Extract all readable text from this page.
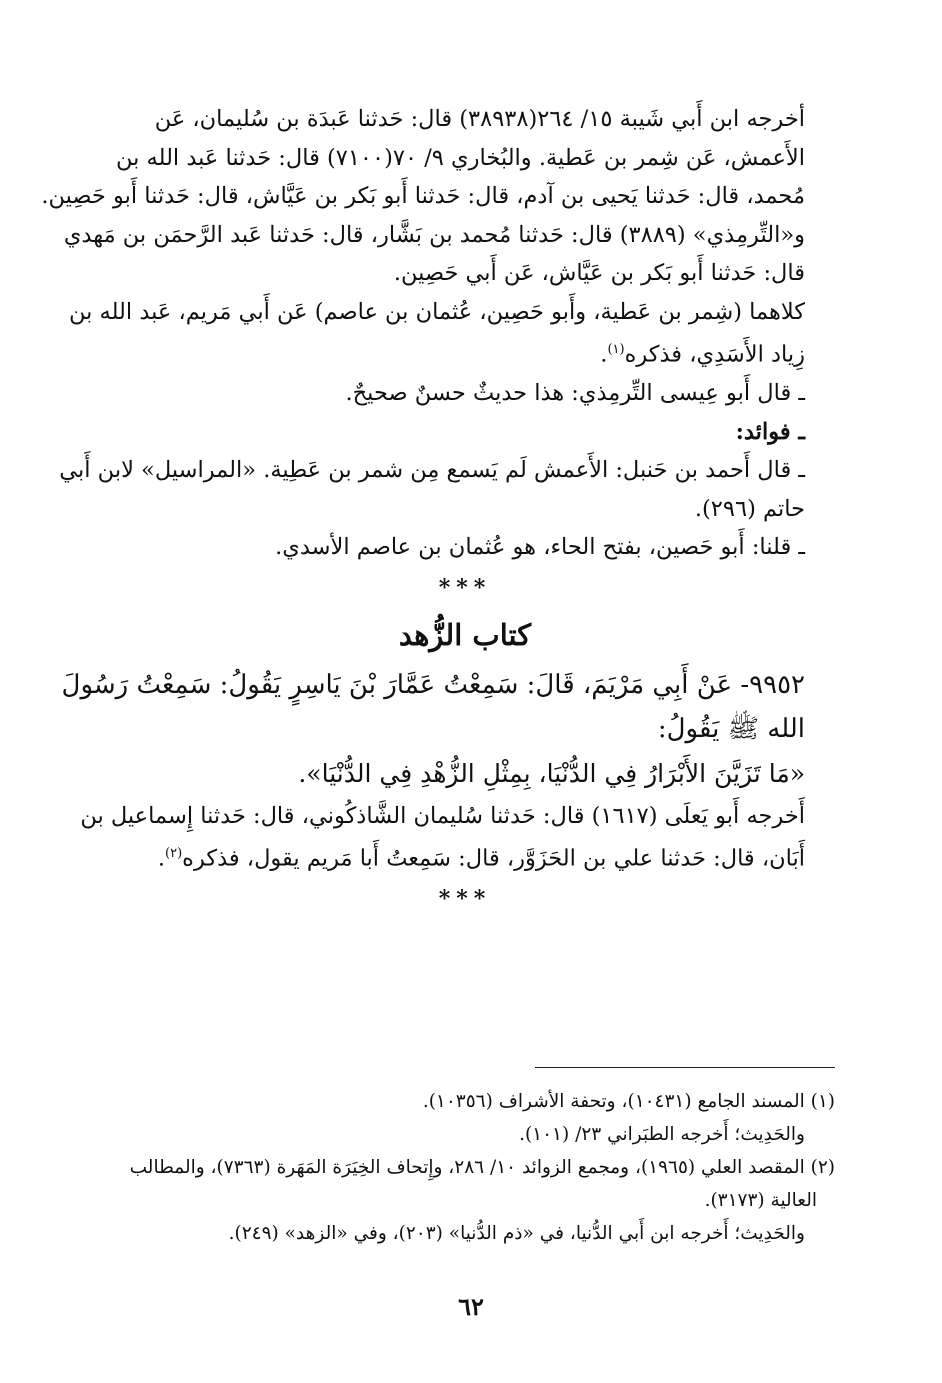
أخرجه ابن أَبي شَيبة ١٥/ ٢٦٤(٣٨٩٣٨) قال: حَدثنا عَبدَة بن سُليمان، عَن
الأَعمش، عَن شِمر بن عَطية. والبُخاري ٩/ ٧٠(٧١٠٠) قال: حَدثنا عَبد الله بن
مُحمد، قال: حَدثنا يَحيى بن آدم، قال: حَدثنا أَبو بَكر بن عَيَّاش، قال: حَدثنا أَبو حَصِين.
و«التِّرمِذي» (٣٨٨٩) قال: حَدثنا مُحمد بن بَشَّار، قال: حَدثنا عَبد الرَّحمَن بن مَهدي
قال: حَدثنا أَبو بَكر بن عَيَّاش، عَن أَبي حَصِين.

كلاهما (شِمر بن عَطية، وأَبو حَصِين، عُثمان بن عاصم) عَن أَبي مَريم، عَبد الله بن
زِياد الأَسَدِي، فذكره$^{(١)}$.

ـ قال أَبو عِيسى التِّرمِذي: هذا حديثٌ حسنٌ صحيحٌ.

ـ فوائد:

ـ قال أَحمد بن حَنبل: الأَعمش لَم يَسمع مِن شمر بن عَطِية. «المراسيل» لابن أَبي
حاتم (٢٩٦).

ـ قلنا: أَبو حَصين، بفتح الحاء، هو عُثمان بن عاصم الأسدي.

***
كتاب الزُّهد

٩٩٥٢- عَنْ أَبِي مَرْيَمَ، قَالَ: سَمِعْتُ عَمَّارَ بْنَ يَاسِرٍ يَقُولُ: سَمِعْتُ رَسُولَ
الله ﷺ يَقُولُ:

«مَا تَزَيَّنَ الأَبْرَارُ فِي الدُّنْيَا، بِمِثْلِ الزُّهْدِ فِي الدُّنْيَا».

أَخرجه أَبو يَعلَى (١٦١٧) قال: حَدثنا سُليمان الشَّاذكُوني، قال: حَدثنا إِسماعيل بن
أَبَان، قال: حَدثنا علي بن الحَزَوَّر، قال: سَمِعتُ أَبا مَريم يقول، فذكره$^{(٢)}$.

***
(١) المسند الجامع (١٠٤٣١)، وتحفة الأشراف (١٠٣٥٦).
والحَدِيث؛ أَخرجه الطبَراني ٢٣/ (١٠١).
(٢) المقصد العلي (١٩٦٥)، ومجمع الزوائد ١٠/ ٢٨٦، وإِتحاف الخِيَرَة المَهَرة (٧٣٦٣)، والمطالب
العالية (٣١٧٣).
والحَدِيث؛ أَخرجه ابن أَبي الدُّنيا، في «ذم الدُّنيا» (٢٠٣)، وفي «الزهد» (٢٤٩).
٦٢
